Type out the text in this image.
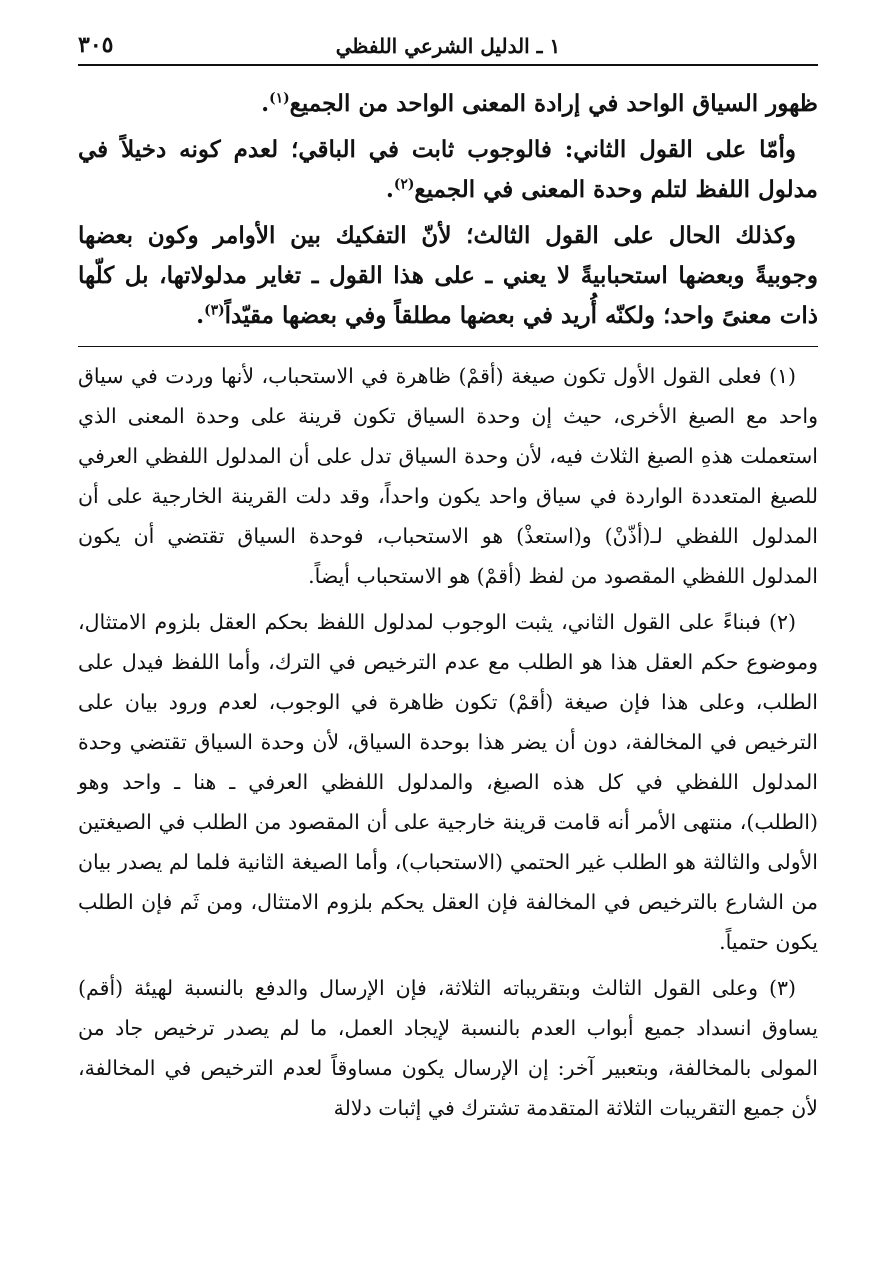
١ ـ الدليل الشرعي اللفظي
٣٠٥

ظهور السياق الواحد في إرادة المعنى الواحد من الجميع$^{(١)}$.

وأمّا على القول الثاني: فالوجوب ثابت في الباقي؛ لعدم كونه دخيلاً في مدلول اللفظ لتلم وحدة المعنى في الجميع$^{(٢)}$.

وكذلك الحال على القول الثالث؛ لأنّ التفكيك بين الأوامر وكون بعضها وجوبيةً وبعضها استحبابيةً لا يعني ـ على هذا القول ـ تغاير مدلولاتها، بل كلّها ذات معنىً واحد؛ ولكنّه أُريد في بعضها مطلقاً وفي بعضها مقيّداً$^{(٣)}$.

(١) فعلى القول الأول تكون صيغة (أقمْ) ظاهرة في الاستحباب، لأنها وردت في سياق واحد مع الصيغ الأخرى، حيث إن وحدة السياق تكون قرينة على وحدة المعنى الذي استعملت هذهِ الصيغ الثلاث فيه، لأن وحدة السياق تدل على أن المدلول اللفظي العرفي للصيغ المتعددة الواردة في سياق واحد يكون واحداً، وقد دلت القرينة الخارجية على أن المدلول اللفظي لـ(أذّنْ) و(استعذْ) هو الاستحباب، فوحدة السياق تقتضي أن يكون المدلول اللفظي المقصود من لفظ (أقمْ) هو الاستحباب أيضاً.

(٢) فبناءً على القول الثاني، يثبت الوجوب لمدلول اللفظ بحكم العقل بلزوم الامتثال، وموضوع حكم العقل هذا هو الطلب مع عدم الترخيص في الترك، وأما اللفظ فيدل على الطلب، وعلى هذا فإن صيغة (أقمْ) تكون ظاهرة في الوجوب، لعدم ورود بيان على الترخيص في المخالفة، دون أن يضر هذا بوحدة السياق، لأن وحدة السياق تقتضي وحدة المدلول اللفظي في كل هذه الصيغ، والمدلول اللفظي العرفي ـ هنا ـ واحد وهو (الطلب)، منتهى الأمر أنه قامت قرينة خارجية على أن المقصود من الطلب في الصيغتين الأولى والثالثة هو الطلب غير الحتمي (الاستحباب)، وأما الصيغة الثانية فلما لم يصدر بيان من الشارع بالترخيص في المخالفة فإن العقل يحكم بلزوم الامتثال، ومن ثَم فإن الطلب يكون حتمياً.

(٣) وعلى القول الثالث وبتقريباته الثلاثة، فإن الإرسال والدفع بالنسبة لهيئة (أقم) يساوق انسداد جميع أبواب العدم بالنسبة لإيجاد العمل، ما لم يصدر ترخيص جاد من المولى بالمخالفة، وبتعبير آخر: إن الإرسال يكون مساوقاً لعدم الترخيص في المخالفة، لأن جميع التقريبات الثلاثة المتقدمة تشترك في إثبات دلالة
